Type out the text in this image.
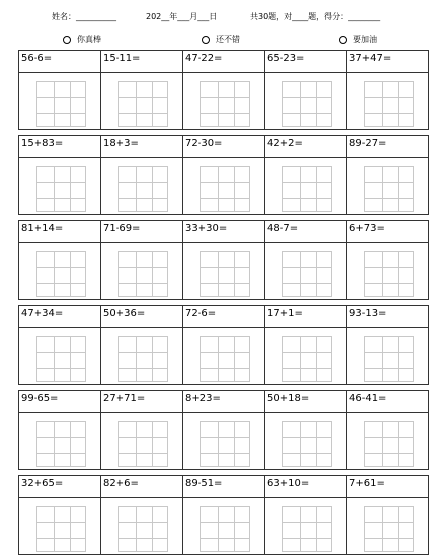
姓名：__________	202__年___月___日	共30题，对____题，得分：________
你真棒	还不错	要加油
56-6=	15-11=	47-22=	65-23=	37+47=
15+83=	18+3=	72-30=	42+2=	89-27=
81+14=	71-69=	33+30=	48-7=	6+73=
47+34=	50+36=	72-6=	17+1=	93-13=
99-65=	27+71=	8+23=	50+18=	46-41=
32+65=	82+6=	89-51=	63+10=	7+61=
